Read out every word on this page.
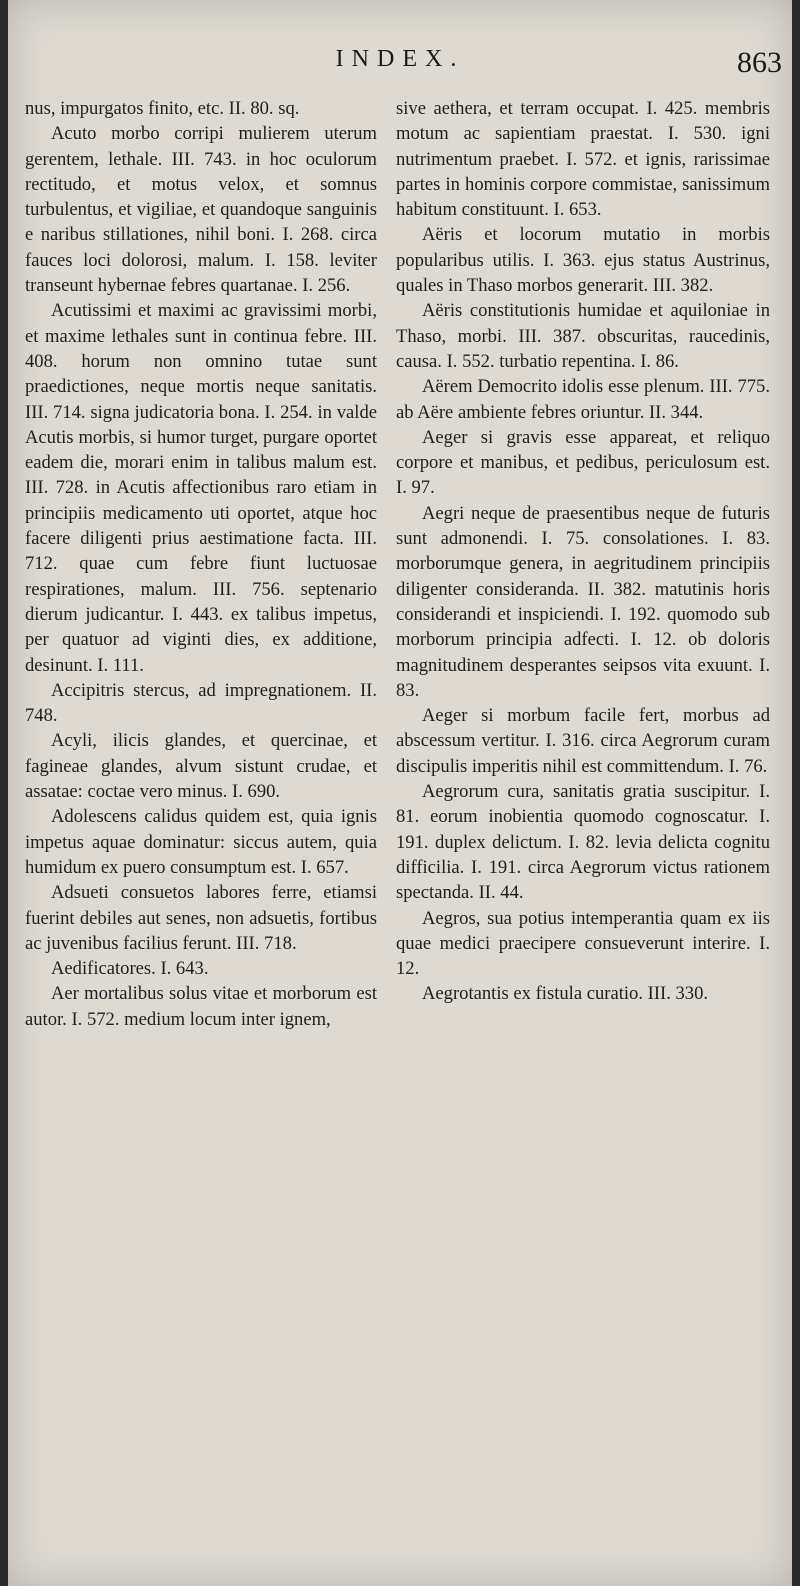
INDEX.	863

nus, impurgatos finito, etc. II. 80. sq.

Acuto morbo corripi mulierem uterum gerentem, lethale. III. 743. in hoc oculorum rectitudo, et motus velox, et somnus turbulentus, et vigiliae, et quandoque sanguinis e naribus stillationes, nihil boni. I. 268. circa fauces loci dolorosi, malum. I. 158. leviter transeunt hybernae febres quartanae. I. 256.

Acutissimi et maximi ac gravissimi morbi, et maxime lethales sunt in continua febre. III. 408. horum non omnino tutae sunt praedictiones, neque mortis neque sanitatis. III. 714. signa judicatoria bona. I. 254. in valde Acutis morbis, si humor turget, purgare oportet eadem die, morari enim in talibus malum est. III. 728. in Acutis affectionibus raro etiam in principiis medicamento uti oportet, atque hoc facere diligenti prius aestimatione facta. III. 712. quae cum febre fiunt luctuosae respirationes, malum. III. 756. septenario dierum judicantur. I. 443. ex talibus impetus, per quatuor ad viginti dies, ex additione, desinunt. I. 111.

Accipitris stercus, ad impregnationem. II. 748.

Acyli, ilicis glandes, et quercinae, et fagineae glandes, alvum sistunt crudae, et assatae: coctae vero minus. I. 690.

Adolescens calidus quidem est, quia ignis impetus aquae dominatur: siccus autem, quia humidum ex puero consumptum est. I. 657.

Adsueti consuetos labores ferre, etiamsi fuerint debiles aut senes, non adsuetis, fortibus ac juvenibus facilius ferunt. III. 718.

Aedificatores. I. 643.

Aer mortalibus solus vitae et morborum est autor. I. 572. medium locum inter ignem,

sive aethera, et terram occupat. I. 425. membris motum ac sapientiam praestat. I. 530. igni nutrimentum praebet. I. 572. et ignis, rarissimae partes in hominis corpore commistae, sanissimum habitum constituunt. I. 653.

Aëris et locorum mutatio in morbis popularibus utilis. I. 363. ejus status Austrinus, quales in Thaso morbos generarit. III. 382.

Aëris constitutionis humidae et aquiloniae in Thaso, morbi. III. 387. obscuritas, raucedinis, causa. I. 552. turbatio repentina. I. 86.

Aërem Democrito idolis esse plenum. III. 775. ab Aëre ambiente febres oriuntur. II. 344.

Aeger si gravis esse appareat, et reliquo corpore et manibus, et pedibus, periculosum est. I. 97.

Aegri neque de praesentibus neque de futuris sunt admonendi. I. 75. consolationes. I. 83. morborumque genera, in aegritudinem principiis diligenter consideranda. II. 382. matutinis horis considerandi et inspiciendi. I. 192. quomodo sub morborum principia adfecti. I. 12. ob doloris magnitudinem desperantes seipsos vita exuunt. I. 83.

Aeger si morbum facile fert, morbus ad abscessum vertitur. I. 316. circa Aegrorum curam discipulis imperitis nihil est committendum. I. 76.

Aegrorum cura, sanitatis gratia suscipitur. I. 81. eorum inobientia quomodo cognoscatur. I. 191. duplex delictum. I. 82. levia delicta cognitu difficilia. I. 191. circa Aegrorum victus rationem spectanda. II. 44.

Aegros, sua potius intemperantia quam ex iis quae medici praecipere consueverunt interire. I. 12.

Aegrotantis ex fistula curatio. III. 330.
